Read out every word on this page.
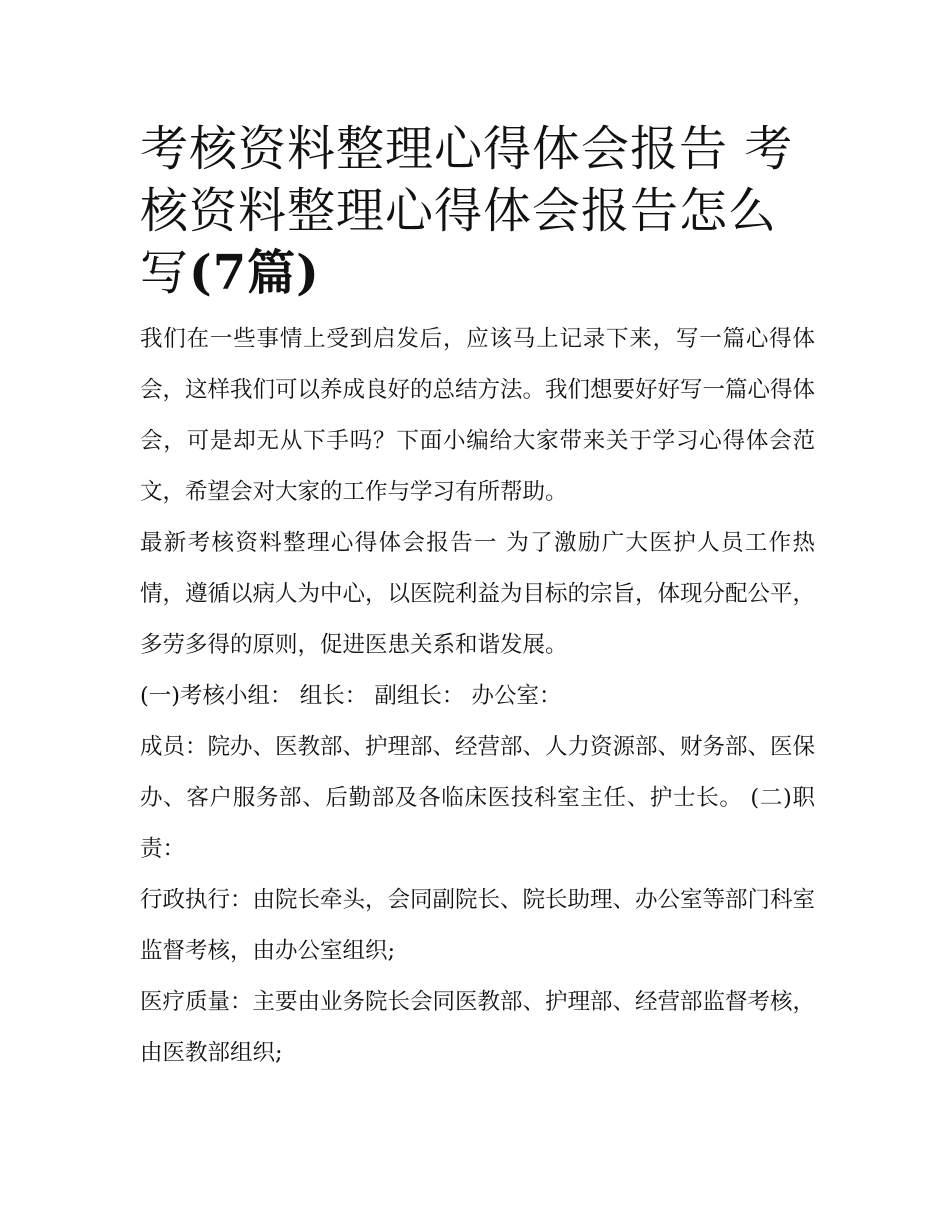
考核资料整理心得体会报告 考核资料整理心得体会报告怎么写(7篇)

我们在一些事情上受到启发后，应该马上记录下来，写一篇心得体会，这样我们可以养成良好的总结方法。我们想要好好写一篇心得体会，可是却无从下手吗？下面小编给大家带来关于学习心得体会范文，希望会对大家的工作与学习有所帮助。

最新考核资料整理心得体会报告一 为了激励广大医护人员工作热情，遵循以病人为中心，以医院利益为目标的宗旨，体现分配公平，多劳多得的原则，促进医患关系和谐发展。

(一)考核小组： 组长： 副组长： 办公室：

成员：院办、医教部、护理部、经营部、人力资源部、财务部、医保办、客户服务部、后勤部及各临床医技科室主任、护士长。 (二)职责：

行政执行：由院长牵头，会同副院长、院长助理、办公室等部门科室监督考核，由办公室组织;

医疗质量：主要由业务院长会同医教部、护理部、经营部监督考核，由医教部组织;
